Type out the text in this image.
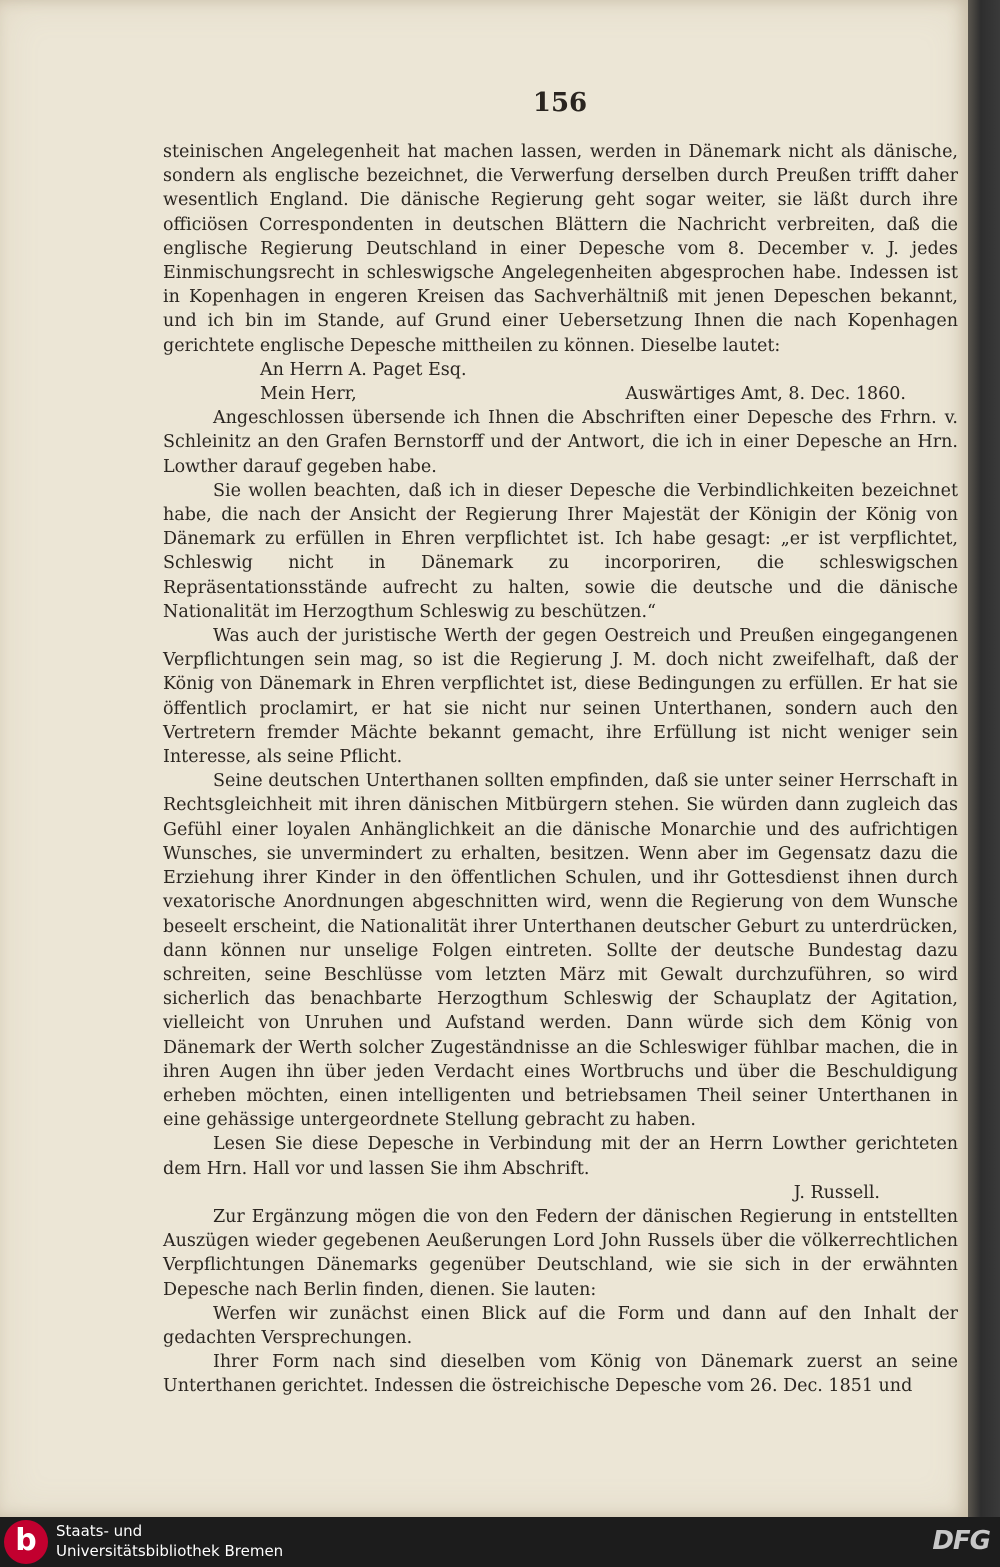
156

steinischen Angelegenheit hat machen lassen, werden in Dänemark nicht als dänische, sondern als englische bezeichnet, die Verwerfung derselben durch Preußen trifft daher wesentlich England. Die dänische Regierung geht sogar weiter, sie läßt durch ihre officiösen Correspondenten in deutschen Blättern die Nachricht verbreiten, daß die englische Regierung Deutschland in einer Depesche vom 8. December v. J. jedes Einmischungsrecht in schleswigsche Angelegenheiten abgesprochen habe. Indessen ist in Kopenhagen in engeren Kreisen das Sachverhältniß mit jenen Depeschen bekannt, und ich bin im Stande, auf Grund einer Uebersetzung Ihnen die nach Kopenhagen gerichtete englische Depesche mittheilen zu können. Dieselbe lautet:

An Herrn A. Paget Esq.
Mein Herr,	Auswärtiges Amt, 8. Dec. 1860.

Angeschlossen übersende ich Ihnen die Abschriften einer Depesche des Frhrn. v. Schleinitz an den Grafen Bernstorff und der Antwort, die ich in einer Depesche an Hrn. Lowther darauf gegeben habe.

Sie wollen beachten, daß ich in dieser Depesche die Verbindlichkeiten bezeichnet habe, die nach der Ansicht der Regierung Ihrer Majestät der Königin der König von Dänemark zu erfüllen in Ehren verpflichtet ist. Ich habe gesagt: „er ist verpflichtet, Schleswig nicht in Dänemark zu incorporiren, die schleswigschen Repräsentationsstände aufrecht zu halten, sowie die deutsche und die dänische Nationalität im Herzogthum Schleswig zu beschützen.“

Was auch der juristische Werth der gegen Oestreich und Preußen eingegangenen Verpflichtungen sein mag, so ist die Regierung J. M. doch nicht zweifelhaft, daß der König von Dänemark in Ehren verpflichtet ist, diese Bedingungen zu erfüllen. Er hat sie öffentlich proclamirt, er hat sie nicht nur seinen Unterthanen, sondern auch den Vertretern fremder Mächte bekannt gemacht, ihre Erfüllung ist nicht weniger sein Interesse, als seine Pflicht.

Seine deutschen Unterthanen sollten empfinden, daß sie unter seiner Herrschaft in Rechtsgleichheit mit ihren dänischen Mitbürgern stehen. Sie würden dann zugleich das Gefühl einer loyalen Anhänglichkeit an die dänische Monarchie und des aufrichtigen Wunsches, sie unvermindert zu erhalten, besitzen. Wenn aber im Gegensatz dazu die Erziehung ihrer Kinder in den öffentlichen Schulen, und ihr Gottesdienst ihnen durch vexatorische Anordnungen abgeschnitten wird, wenn die Regierung von dem Wunsche beseelt erscheint, die Nationalität ihrer Unterthanen deutscher Geburt zu unterdrücken, dann können nur unselige Folgen eintreten. Sollte der deutsche Bundestag dazu schreiten, seine Beschlüsse vom letzten März mit Gewalt durchzuführen, so wird sicherlich das benachbarte Herzogthum Schleswig der Schauplatz der Agitation, vielleicht von Unruhen und Aufstand werden. Dann würde sich dem König von Dänemark der Werth solcher Zugeständnisse an die Schleswiger fühlbar machen, die in ihren Augen ihn über jeden Verdacht eines Wortbruchs und über die Beschuldigung erheben möchten, einen intelligenten und betriebsamen Theil seiner Unterthanen in eine gehässige untergeordnete Stellung gebracht zu haben.

Lesen Sie diese Depesche in Verbindung mit der an Herrn Lowther gerichteten dem Hrn. Hall vor und lassen Sie ihm Abschrift.

J. Russell.

Zur Ergänzung mögen die von den Federn der dänischen Regierung in entstellten Auszügen wieder gegebenen Aeußerungen Lord John Russels über die völkerrechtlichen Verpflichtungen Dänemarks gegenüber Deutschland, wie sie sich in der erwähnten Depesche nach Berlin finden, dienen. Sie lauten:

Werfen wir zunächst einen Blick auf die Form und dann auf den Inhalt der gedachten Versprechungen.

Ihrer Form nach sind dieselben vom König von Dänemark zuerst an seine Unterthanen gerichtet. Indessen die östreichische Depesche vom 26. Dec. 1851 und

b	Staats- und
Universitätsbibliothek Bremen	DFG
